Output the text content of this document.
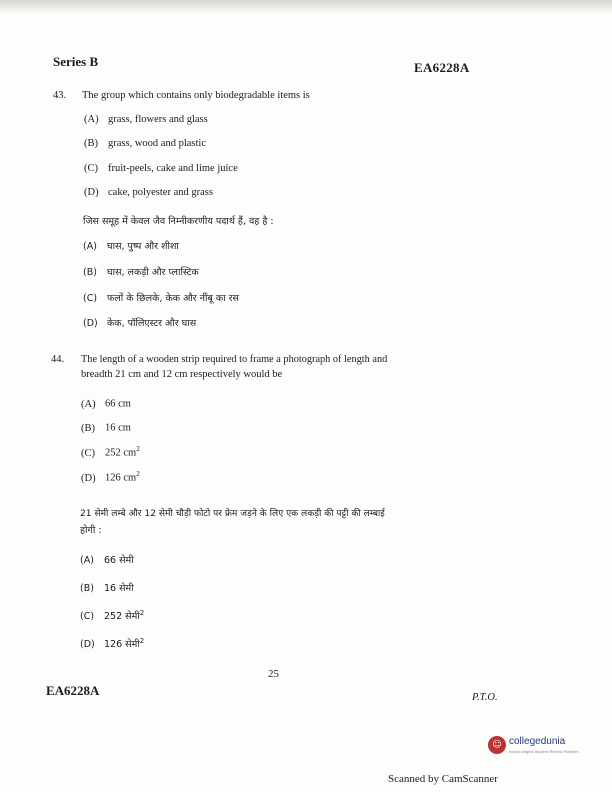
Series B	EA6228A
43. The group which contains only biodegradable items is
(A) grass, flowers and glass
(B) grass, wood and plastic
(C) fruit-peels, cake and lime juice
(D) cake, polyester and grass
जिस समूह में केवल जैव निम्नीकरणीय पदार्थ हैं, वह है :
(A) घास, पुष्प और शीशा
(B) घास, लकड़ी और प्लास्टिक
(C) फलों के छिलके, केक और नींबू का रस
(D) केक, पॉलिएस्टर और घास
44. The length of a wooden strip required to frame a photograph of length and
breadth 21 cm and 12 cm respectively would be
(A) 66 cm
(B) 16 cm
(C) 252 $cm^2$
(D) 126 $cm^2$
21 सेमी लम्बे और 12 सेमी चौड़ी फोटो पर फ्रेम जड़ने के लिए एक लकड़ी की पट्टी की लम्बाई
होगी :
(A) 66 सेमी
(B) 16 सेमी
(C) 252 सेमी$^2$
(D) 126 सेमी$^2$
25
EA6228A	P.T.O.
☺ collegedunia
India's largest Student Review Platform
Scanned by CamScanner
